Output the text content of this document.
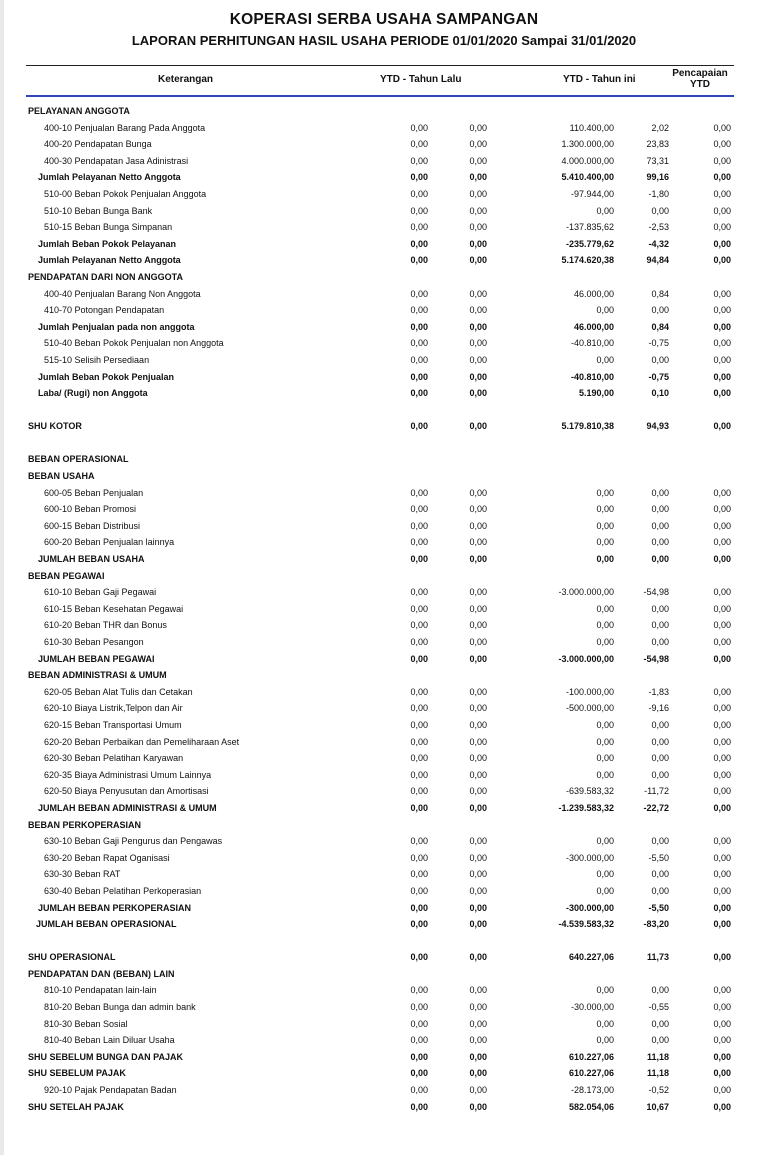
KOPERASI SERBA USAHA SAMPANGAN
LAPORAN PERHITUNGAN HASIL USAHA PERIODE 01/01/2020 Sampai 31/01/2020
Keterangan	YTD - Tahun Lalu	YTD - Tahun ini
Pencapaian
YTD
PELAYANAN ANGGOTA
400-10 Penjualan Barang Pada Anggota	0,00	0,00	110.400,00	2,02	0,00
400-20 Pendapatan Bunga	0,00	0,00	1.300.000,00	23,83	0,00
400-30 Pendapatan Jasa Adinistrasi	0,00	0,00	4.000.000,00	73,31	0,00
Jumlah Pelayanan Netto Anggota	0,00	0,00	5.410.400,00	99,16	0,00
510-00 Beban Pokok Penjualan Anggota	0,00	0,00	-97.944,00	-1,80	0,00
510-10 Beban Bunga Bank	0,00	0,00	0,00	0,00	0,00
510-15 Beban Bunga Simpanan	0,00	0,00	-137.835,62	-2,53	0,00
Jumlah Beban Pokok Pelayanan	0,00	0,00	-235.779,62	-4,32	0,00
Jumlah Pelayanan Netto Anggota	0,00	0,00	5.174.620,38	94,84	0,00
PENDAPATAN DARI NON ANGGOTA
400-40 Penjualan Barang Non Anggota	0,00	0,00	46.000,00	0,84	0,00
410-70 Potongan Pendapatan	0,00	0,00	0,00	0,00	0,00
Jumlah Penjualan pada non anggota	0,00	0,00	46.000,00	0,84	0,00
510-40 Beban Pokok Penjualan non Anggota	0,00	0,00	-40.810,00	-0,75	0,00
515-10 Selisih Persediaan	0,00	0,00	0,00	0,00	0,00
Jumlah Beban Pokok Penjualan	0,00	0,00	-40.810,00	-0,75	0,00
Laba/ (Rugi) non Anggota	0,00	0,00	5.190,00	0,10	0,00
SHU KOTOR	0,00	0,00	5.179.810,38	94,93	0,00
BEBAN OPERASIONAL
BEBAN USAHA
600-05 Beban Penjualan	0,00	0,00	0,00	0,00	0,00
600-10 Beban Promosi	0,00	0,00	0,00	0,00	0,00
600-15 Beban Distribusi	0,00	0,00	0,00	0,00	0,00
600-20 Beban Penjualan lainnya	0,00	0,00	0,00	0,00	0,00
JUMLAH BEBAN USAHA	0,00	0,00	0,00	0,00	0,00
BEBAN PEGAWAI
610-10 Beban Gaji Pegawai	0,00	0,00	-3.000.000,00	-54,98	0,00
610-15 Beban Kesehatan Pegawai	0,00	0,00	0,00	0,00	0,00
610-20 Beban THR dan Bonus	0,00	0,00	0,00	0,00	0,00
610-30 Beban Pesangon	0,00	0,00	0,00	0,00	0,00
JUMLAH BEBAN PEGAWAI	0,00	0,00	-3.000.000,00	-54,98	0,00
BEBAN ADMINISTRASI & UMUM
620-05 Beban Alat Tulis dan Cetakan	0,00	0,00	-100.000,00	-1,83	0,00
620-10 Biaya Listrik,Telpon dan Air	0,00	0,00	-500.000,00	-9,16	0,00
620-15 Beban Transportasi Umum	0,00	0,00	0,00	0,00	0,00
620-20 Beban Perbaikan dan Pemeliharaan Aset	0,00	0,00	0,00	0,00	0,00
620-30 Beban Pelatihan Karyawan	0,00	0,00	0,00	0,00	0,00
620-35 Biaya Administrasi Umum Lainnya	0,00	0,00	0,00	0,00	0,00
620-50 Biaya Penyusutan dan Amortisasi	0,00	0,00	-639.583,32	-11,72	0,00
JUMLAH BEBAN ADMINISTRASI & UMUM	0,00	0,00	-1.239.583,32	-22,72	0,00
BEBAN PERKOPERASIAN
630-10 Beban Gaji Pengurus dan Pengawas	0,00	0,00	0,00	0,00	0,00
630-20 Beban Rapat Oganisasi	0,00	0,00	-300.000,00	-5,50	0,00
630-30 Beban RAT	0,00	0,00	0,00	0,00	0,00
630-40 Beban Pelatihan Perkoperasian	0,00	0,00	0,00	0,00	0,00
JUMLAH BEBAN PERKOPERASIAN	0,00	0,00	-300.000,00	-5,50	0,00
JUMLAH BEBAN OPERASIONAL	0,00	0,00	-4.539.583,32	-83,20	0,00
SHU OPERASIONAL	0,00	0,00	640.227,06	11,73	0,00
PENDAPATAN DAN (BEBAN) LAIN
810-10 Pendapatan lain-lain	0,00	0,00	0,00	0,00	0,00
810-20 Beban Bunga dan admin bank	0,00	0,00	-30.000,00	-0,55	0,00
810-30 Beban Sosial	0,00	0,00	0,00	0,00	0,00
810-40 Beban Lain Diluar Usaha	0,00	0,00	0,00	0,00	0,00
SHU SEBELUM BUNGA DAN PAJAK	0,00	0,00	610.227,06	11,18	0,00
SHU SEBELUM PAJAK	0,00	0,00	610.227,06	11,18	0,00
920-10 Pajak Pendapatan Badan	0,00	0,00	-28.173,00	-0,52	0,00
SHU SETELAH PAJAK	0,00	0,00	582.054,06	10,67	0,00
